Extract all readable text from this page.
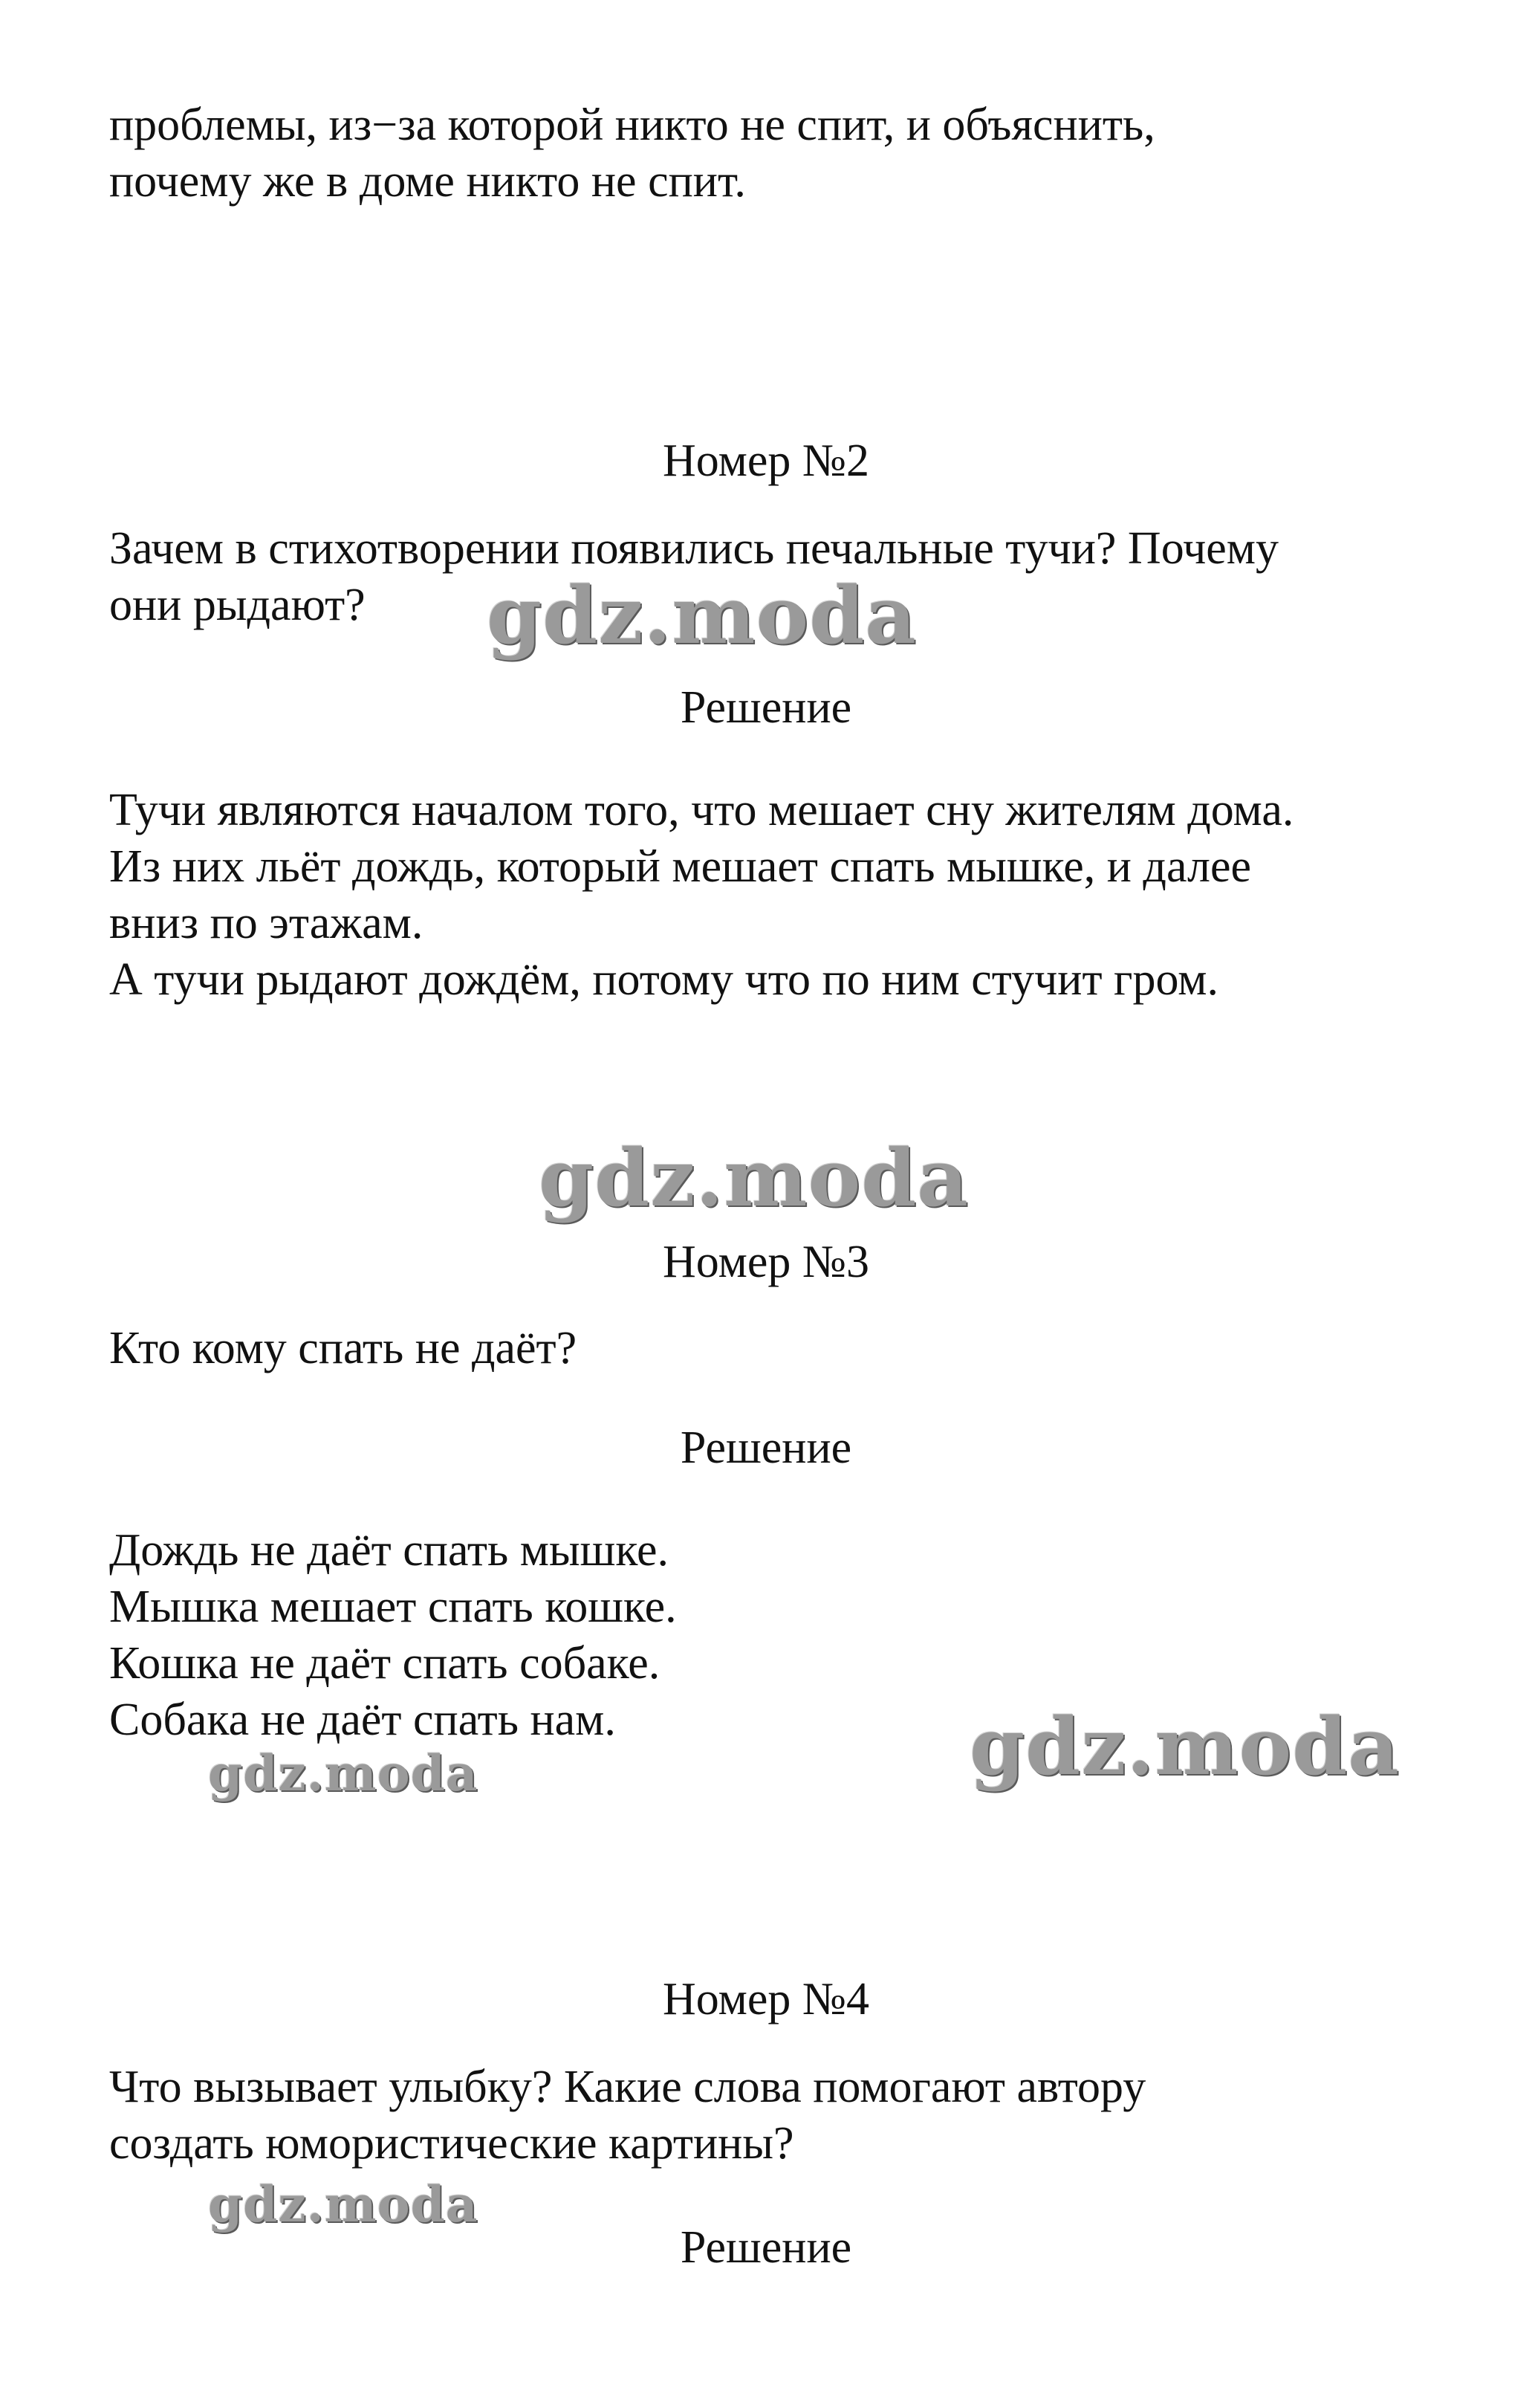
проблемы, из−за которой никто не спит, и объяснить,

почему же в доме никто не спит.

Номер №2

Зачем в стихотворении появились печальные тучи? Почему

они рыдают? gdz.moda

Решение

Тучи являются началом того, что мешает сну жителям дома.

Из них льёт дождь, который мешает спать мышке, и далее

вниз по этажам.

А тучи рыдают дождём, потому что по ним стучит гром.

gdz.moda

Номер №3

Кто кому спать не даёт?

Решение

Дождь не даёт спать мышке.

Мышка мешает спать кошке.

Кошка не даёт спать собаке.

Собака не даёт спать нам.	gdz.moda

gdz.moda

Номер №4

Что вызывает улыбку? Какие слова помогают автору

создать юмористические картины?

gdz.moda

Решение
